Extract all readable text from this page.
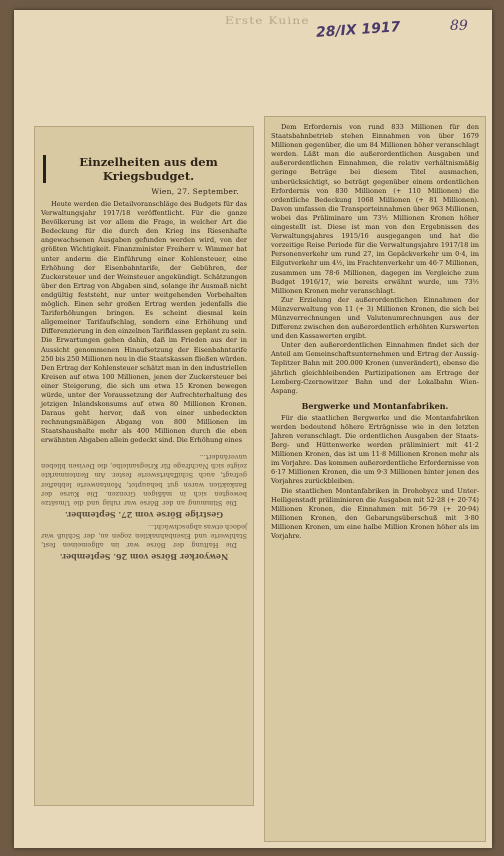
Erste Kuine 28/IX 1917	89
Einzelheiten aus dem Kriegsbudget.
Wien, 27. September.

Heute werden die Detailvoranschläge des Budgets für das Verwaltungsjahr 1917/18 veröffentlicht. Für die ganze Bevölkerung ist vor allem die Frage, in welcher Art die Bedeckung für die durch den Krieg ins Riesenhafte angewachsenen Ausgaben gefunden werden wird, von der größten Wichtigkeit. Finanzminister Freiherr v. Wimmer hat unter anderm die Einführung einer Kohlensteuer, eine Erhöhung der Eisenbahntarife, der Gebühren, der Zuckersteuer und der Weinsteuer angekündigt. Schätzungen über den Ertrag von Abgaben sind, solange ihr Ausmaß nicht endgültig feststeht, nur unter weitgehenden Vorbehalten möglich. Einen sehr großen Ertrag werden jedenfalls die Tariferhöhungen bringen. Es scheint diesmal kein allgemeiner Tarifaufschlag, sondern eine Erhöhung und Differenzierung in den einzelnen Tarifklassen geplant zu sein. Die Erwartungen gehen dahin, daß im Frieden aus der in Aussicht genommenen Hinaufsetzung der Eisenbahntarife 250 bis 250 Millionen neu in die Staatskassen fließen würden. Den Ertrag der Kohlensteuer schätzt man in den industriellen Kreisen auf etwa 100 Millionen, jenen der Zuckersteuer bei einer Steigerung, die sich um etwa 15 Kronen bewegen würde, unter der Voraussetzung der Aufrechterhaltung des jetzigen Inlandskonsums auf etwa 80 Millionen Kronen. Daraus geht hervor, daß von einer unbedeckten rechnungsmäßigen Abgang von 800 Millionen im Staatshaushalte mehr als 400 Millionen durch die eben erwähnten Abgaben allein gedeckt sind. Die Erhöhung eines

Newyorker Börse vom 26. September.

Die Haltung der Börse war im allgemeinen fest, Stahlwerte und Eisenbahnaktien zogen an, der Schluß war jedoch etwas abgeschwächt...

Gestrige Börse vom 27. September.

Die Stimmung an der Börse war ruhig und die Umsätze bewegten sich in mäßigen Grenzen. Die Kurse der Bankaktien waren gut behauptet, Montanwerte lebhafter gefragt, auch Schiffahrtswerte fester. Am Rentenmarkte zeigte sich Nachfrage für Kriegsanleihe, die Devisen blieben unverändert...

Dem Erfordernis von rund 833 Millionen für den Staatsbahnbetrieb stehen Einnahmen von über 1679 Millionen gegenüber, die um 84 Millionen höher veranschlagt werden. Läßt man die außerordentlichen Ausgaben und außerordentlichen Einnahmen, die relativ verhältnismäßig geringe Beträge bei diesem Titel ausmachen, unberücksichtigt, so beträgt gegenüber einem ordentlichen Erfordernis von 830 Millionen (+ 110 Millionen) die ordentliche Bedeckung 1068 Millionen (+ 81 Millionen). Davon umfassen die Transporteinnahmen über 963 Millionen, wobei das Präliminare um 73½ Millionen Kronen höher eingestellt ist. Diese ist man von den Ergebnissen des Verwaltungsjahres 1915/16 ausgegangen und hat die vorzeitige Reise Periode für die Verwaltungsjahre 1917/18 im Personenverkehr um rund 27, im Gepäckverkehr um 0·4, im Eilgutverkehr um 4½, im Frachtenverkehr um 46·7 Millionen, zusammen um 78·6 Millionen, dagegen im Vergleiche zum Budget 1916/17, wie bereits erwähnt wurde, um 73½ Millionen Kronen mehr veranschlagt.

Zur Erzielung der außerordentlichen Einnahmen der Münzverwaltung von 11 (+ 3) Millionen Kronen, die sich bei Münzverrechnungen und Valutenumrechnungen aus der Differenz zwischen den außerordentlich erhöhten Kurswerten und den Kassawerten ergibt.

Unter den außerordentlichen Einnahmen findet sich der Anteil am Gemeinschaftsunternehmen und Ertrag der Aussig-Teplitzer Bahn mit 200.000 Kronen (unverändert), ebenso die jährlich gleichbleibenden Partizipationen am Ertrage der Lemberg-Czernowitzer Bahn und der Lokalbahn Wien-Aspang.

Bergwerke und Montanfabriken.

Für die staatlichen Bergwerke und die Montanfabriken werden bedeutend höhere Erträgnisse wie in den letzten Jahren veranschlagt. Die ordentlichen Ausgaben der Staats-Berg- und Hüttenwerke werden präliminiert mit 41·2 Millionen Kronen, das ist um 11·8 Millionen Kronen mehr als im Vorjahre. Das kommen außerordentliche Erfordernisse von 6·17 Millionen Kronen, die um 9·3 Millionen hinter jenen des Vorjahres zurückbleiben.

Die staatlichen Montanfabriken in Drohobycz und Unter-Heiligenstadt präliminieren die Ausgaben mit 52·28 (+ 20·74) Millionen Kronen, die Einnahmen mit 56·79 (+ 20·94) Millionen Kronen, den Gebarungsüberschuß mit 3·80 Millionen Kronen, um eine halbe Million Kronen höher als im Vorjahre.
